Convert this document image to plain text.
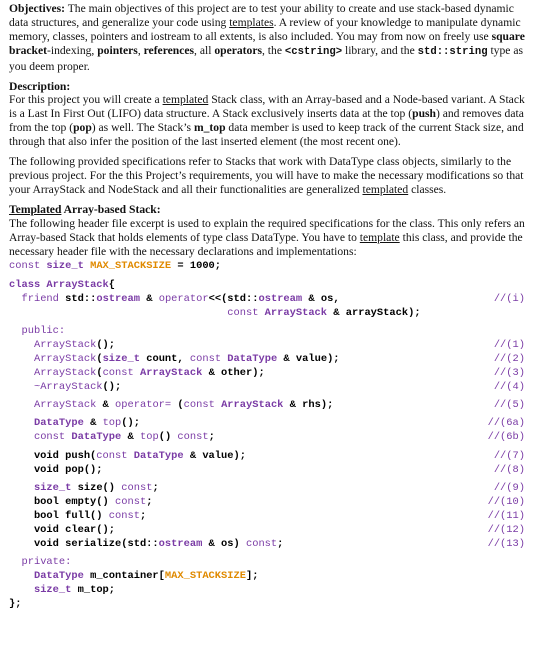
Objectives: The main objectives of this project are to test your ability to create and use stack-based dynamic data structures, and generalize your code using templates. A review of your knowledge to manipulate dynamic memory, classes, pointers and iostream to all extents, is also included. You may from now on freely use square bracket-indexing, pointers, references, all operators, the <cstring> library, and the std::string type as you deem proper.

Description:

For this project you will create a templated Stack class, with an Array-based and a Node-based variant. A Stack is a Last In First Out (LIFO) data structure. A Stack exclusively inserts data at the top (push) and removes data from the top (pop) as well. The Stack’s m_top data member is used to keep track of the current Stack size, and through that also infer the position of the last inserted element (the most recent one).

The following provided specifications refer to Stacks that work with DataType class objects, similarly to the previous project. For the this Project’s requirements, you will have to make the necessary modifications so that your ArrayStack and NodeStack and all their functionalities are generalized templated classes.

Templated Array-based Stack:

The following header file excerpt is used to explain the required specifications for the class. This only refers an Array-based Stack that holds elements of type class DataType. You have to template this class, and provide the necessary header file with the necessary declarations and implementations:

const size_t MAX_STACKSIZE = 1000;
class ArrayStack{
friend std::ostream & operator<<(std::ostream & os,	//(i)
const ArrayStack & arrayStack);
public:
ArrayStack();	//(1)
ArrayStack(size_t count, const DataType & value);	//(2)
ArrayStack(const ArrayStack & other);	//(3)
~ArrayStack();	//(4)
ArrayStack & operator= (const ArrayStack & rhs);	//(5)
DataType & top();	//(6a)
const DataType & top() const;	//(6b)
void push(const DataType & value);	//(7)
void pop();	//(8)
size_t size() const;	//(9)
bool empty() const;	//(10)
bool full() const;	//(11)
void clear();	//(12)
void serialize(std::ostream & os) const;	//(13)
private:
DataType m_container[MAX_STACKSIZE];
size_t m_top;
};
